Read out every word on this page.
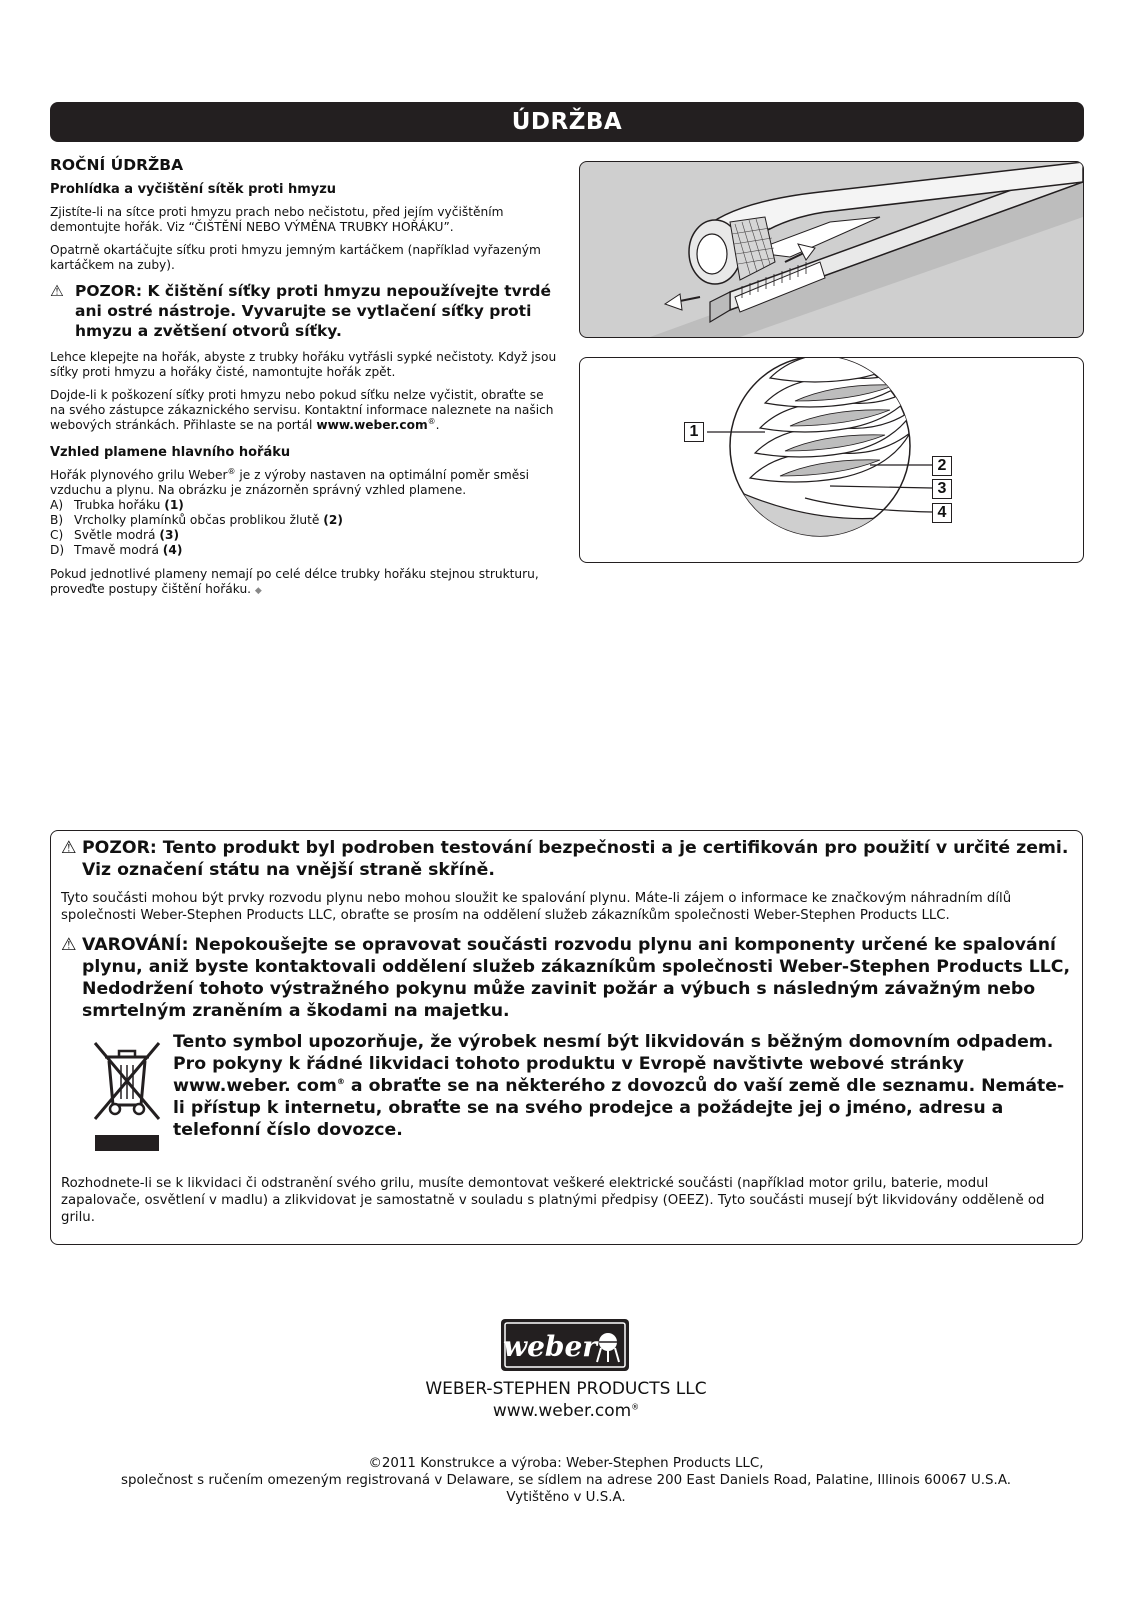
ÚDRŽBA
ROČNÍ ÚDRŽBA
Prohlídka a vyčištění sítěk proti hmyzu

Zjistíte-li na sítce proti hmyzu prach nebo nečistotu, před jejím vyčištěním demontujte hořák. Viz “ČIŠTĚNÍ NEBO VÝMĚNA TRUBKY HOŘÁKU”.

Opatrně okartáčujte síťku proti hmyzu jemným kartáčkem (například vyřazeným kartáčkem na zuby).

⚠ POZOR: K čištění síťky proti hmyzu nepoužívejte tvrdé ani ostré nástroje. Vyvarujte se vytlačení síťky proti hmyzu a zvětšení otvorů síťky.

Lehce klepejte na hořák, abyste z trubky hořáku vytřásli sypké nečistoty. Když jsou síťky proti hmyzu a hořáky čisté, namontujte hořák zpět.

Dojde-li k poškození síťky proti hmyzu nebo pokud síťku nelze vyčistit, obraťte se na svého zástupce zákaznického servisu. Kontaktní informace naleznete na našich webových stránkách. Přihlaste se na portál www.weber.com®.

Vzhled plamene hlavního hořáku

Hořák plynového grilu Weber® je z výroby nastaven na optimální poměr směsi vzduchu a plynu. Na obrázku je znázorněn správný vzhled plamene.

A) Trubka hořáku (1)
B) Vrcholky plamínků občas problikou žlutě (2)
C) Světle modrá (3)
D) Tmavě modrá (4)

Pokud jednotlivé plameny nemají po celé délce trubky hořáku stejnou strukturu, proveďte postupy čištění hořáku. ◆

1
2
3
4
⚠ POZOR: Tento produkt byl podroben testování bezpečnosti a je certifikován pro použití v určité zemi. Viz označení státu na vnější straně skříně.

Tyto součásti mohou být prvky rozvodu plynu nebo mohou sloužit ke spalování plynu. Máte-li zájem o informace ke značkovým náhradním dílů společnosti Weber-Stephen Products LLC, obraťte se prosím na oddělení služeb zákazníkům společnosti Weber-Stephen Products LLC.

⚠ VAROVÁNÍ: Nepokoušejte se opravovat součásti rozvodu plynu ani komponenty určené ke spalování plynu, aniž byste kontaktovali oddělení služeb zákazníkům společnosti Weber-Stephen Products LLC, Nedodržení tohoto výstražného pokynu může zavinit požár a výbuch s následným závažným nebo smrtelným zraněním a škodami na majetku.
Tento symbol upozorňuje, že výrobek nesmí být likvidován s běžným domovním odpadem. Pro pokyny k řádné likvidaci tohoto produktu v Evropě navštivte webové stránky www.weber. com® a obraťte se na některého z dovozců do vaší země dle seznamu. Nemáte-li přístup k internetu, obraťte se na svého prodejce a požádejte jej o jméno, adresu a telefonní číslo dovozce.

Rozhodnete-li se k likvidaci či odstranění svého grilu, musíte demontovat veškeré elektrické součásti (například motor grilu, baterie, modul zapalovače, osvětlení v madlu) a zlikvidovat je samostatně v souladu s platnými předpisy (OEEZ). Tyto součásti musejí být likvidovány odděleně od grilu.

weber
WEBER-STEPHEN PRODUCTS LLC
www.weber.com®
©2011 Konstrukce a výroba: Weber-Stephen Products LLC,
společnost s ručením omezeným registrovaná v Delaware, se sídlem na adrese 200 East Daniels Road, Palatine, Illinois 60067 U.S.A.
Vytištěno v U.S.A.
